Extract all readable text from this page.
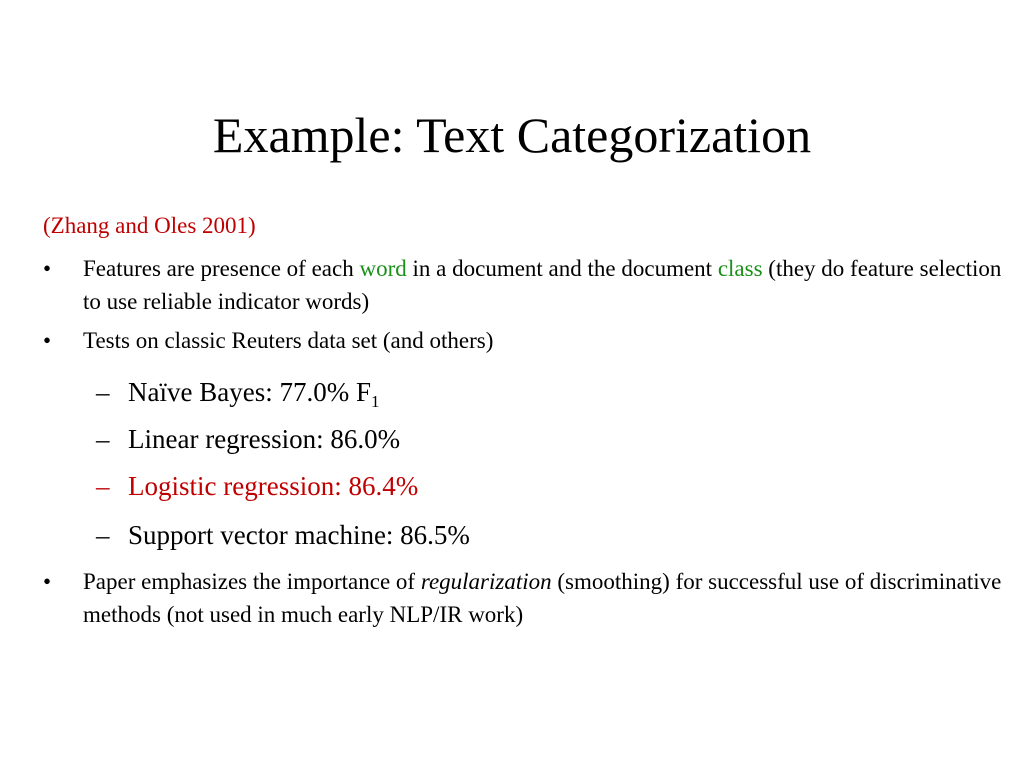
Example: Text Categorization
(Zhang and Oles 2001)
• Features are presence of each word in a document and the document class (they do feature selection to use reliable indicator words)
• Tests on classic Reuters data set (and others)
– Naïve Bayes: 77.0% $F_1$
– Linear regression: 86.0%
– Logistic regression: 86.4%
– Support vector machine: 86.5%
• Paper emphasizes the importance of regularization (smoothing) for successful use of discriminative methods (not used in much early NLP/IR work)
